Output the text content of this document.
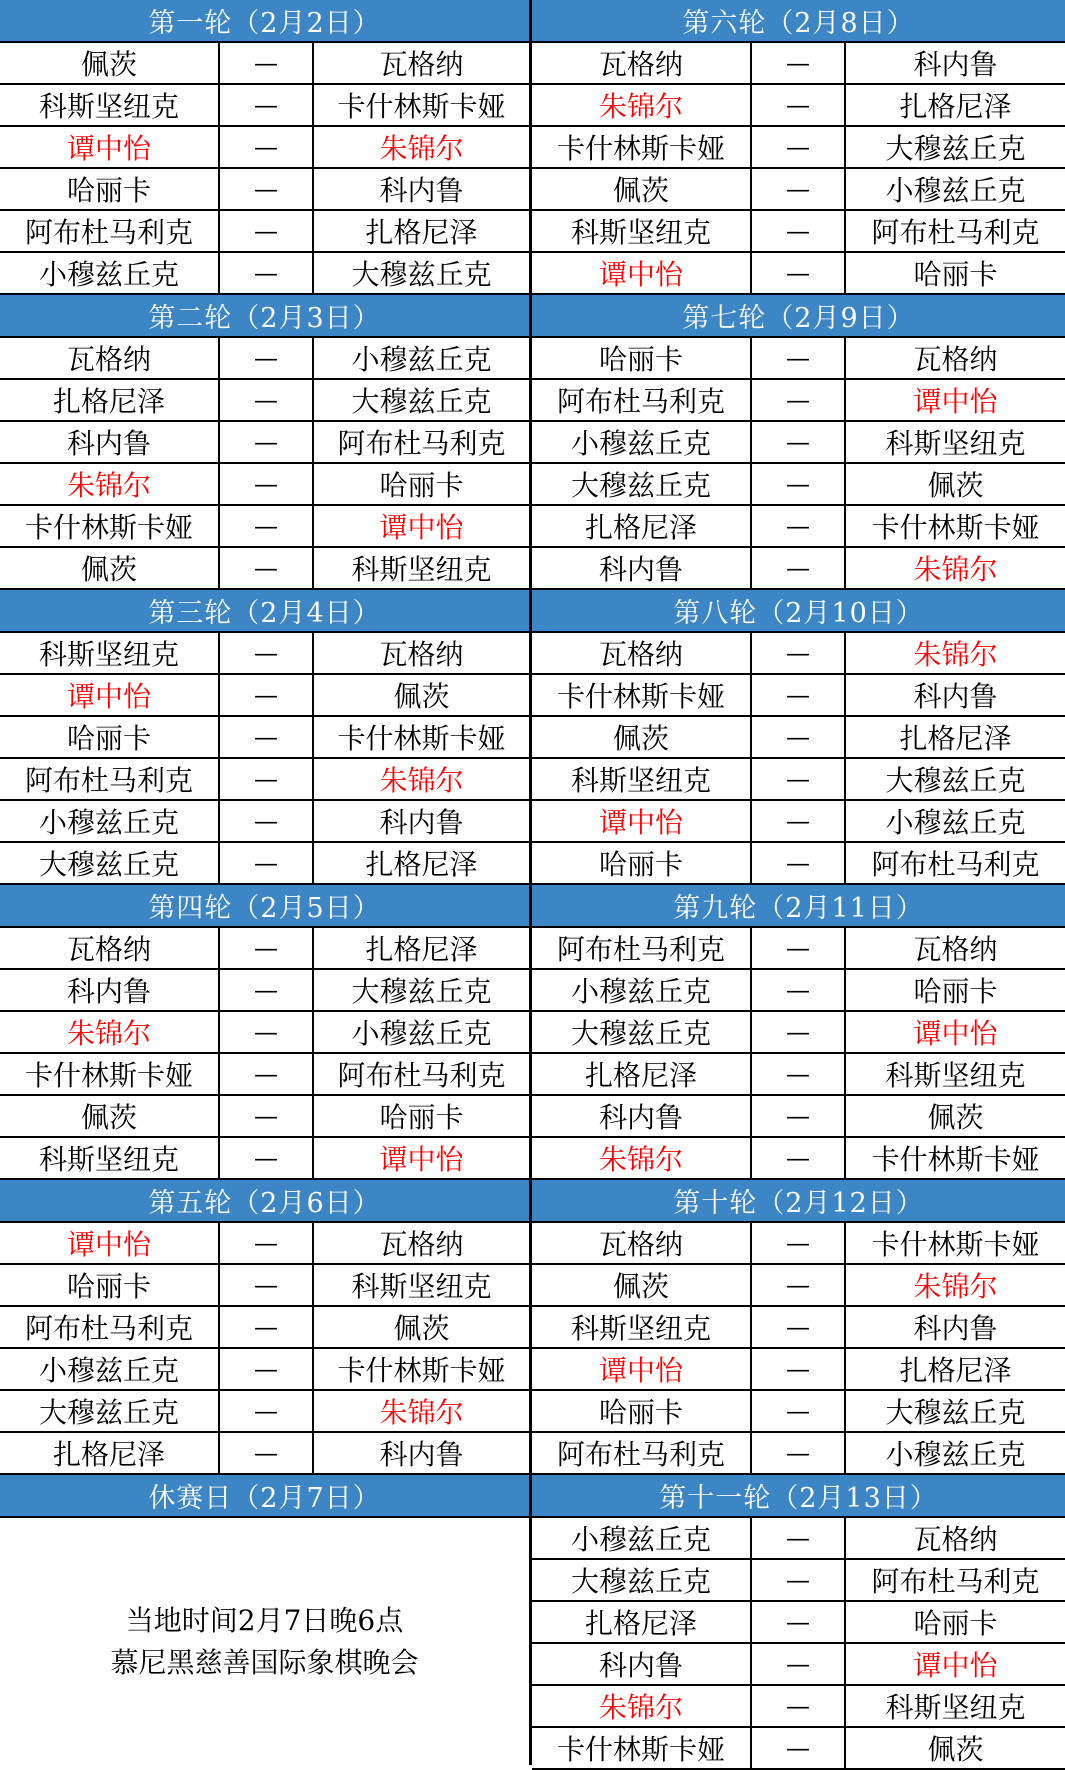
第一轮（2月2日）
佩茨	—	瓦格纳
科斯坚纽克	—	卡什林斯卡娅
谭中怡	—	朱锦尔
哈丽卡	—	科内鲁
阿布杜马利克	—	扎格尼泽
小穆兹丘克	—	大穆兹丘克
第二轮（2月3日）
瓦格纳	—	小穆兹丘克
扎格尼泽	—	大穆兹丘克
科内鲁	—	阿布杜马利克
朱锦尔	—	哈丽卡
卡什林斯卡娅	—	谭中怡
佩茨	—	科斯坚纽克
第三轮（2月4日）
科斯坚纽克	—	瓦格纳
谭中怡	—	佩茨
哈丽卡	—	卡什林斯卡娅
阿布杜马利克	—	朱锦尔
小穆兹丘克	—	科内鲁
大穆兹丘克	—	扎格尼泽
第四轮（2月5日）
瓦格纳	—	扎格尼泽
科内鲁	—	大穆兹丘克
朱锦尔	—	小穆兹丘克
卡什林斯卡娅	—	阿布杜马利克
佩茨	—	哈丽卡
科斯坚纽克	—	谭中怡
第五轮（2月6日）
谭中怡	—	瓦格纳
哈丽卡	—	科斯坚纽克
阿布杜马利克	—	佩茨
小穆兹丘克	—	卡什林斯卡娅
大穆兹丘克	—	朱锦尔
扎格尼泽	—	科内鲁
休赛日（2月7日）
当地时间2月7日晚6点
慕尼黑慈善国际象棋晚会
第六轮（2月8日）
瓦格纳	—	科内鲁
朱锦尔	—	扎格尼泽
卡什林斯卡娅	—	大穆兹丘克
佩茨	—	小穆兹丘克
科斯坚纽克	—	阿布杜马利克
谭中怡	—	哈丽卡
第七轮（2月9日）
哈丽卡	—	瓦格纳
阿布杜马利克	—	谭中怡
小穆兹丘克	—	科斯坚纽克
大穆兹丘克	—	佩茨
扎格尼泽	—	卡什林斯卡娅
科内鲁	—	朱锦尔
第八轮（2月10日）
瓦格纳	—	朱锦尔
卡什林斯卡娅	—	科内鲁
佩茨	—	扎格尼泽
科斯坚纽克	—	大穆兹丘克
谭中怡	—	小穆兹丘克
哈丽卡	—	阿布杜马利克
第九轮（2月11日）
阿布杜马利克	—	瓦格纳
小穆兹丘克	—	哈丽卡
大穆兹丘克	—	谭中怡
扎格尼泽	—	科斯坚纽克
科内鲁	—	佩茨
朱锦尔	—	卡什林斯卡娅
第十轮（2月12日）
瓦格纳	—	卡什林斯卡娅
佩茨	—	朱锦尔
科斯坚纽克	—	科内鲁
谭中怡	—	扎格尼泽
哈丽卡	—	大穆兹丘克
阿布杜马利克	—	小穆兹丘克
第十一轮（2月13日）
小穆兹丘克	—	瓦格纳
大穆兹丘克	—	阿布杜马利克
扎格尼泽	—	哈丽卡
科内鲁	—	谭中怡
朱锦尔	—	科斯坚纽克
卡什林斯卡娅	—	佩茨
